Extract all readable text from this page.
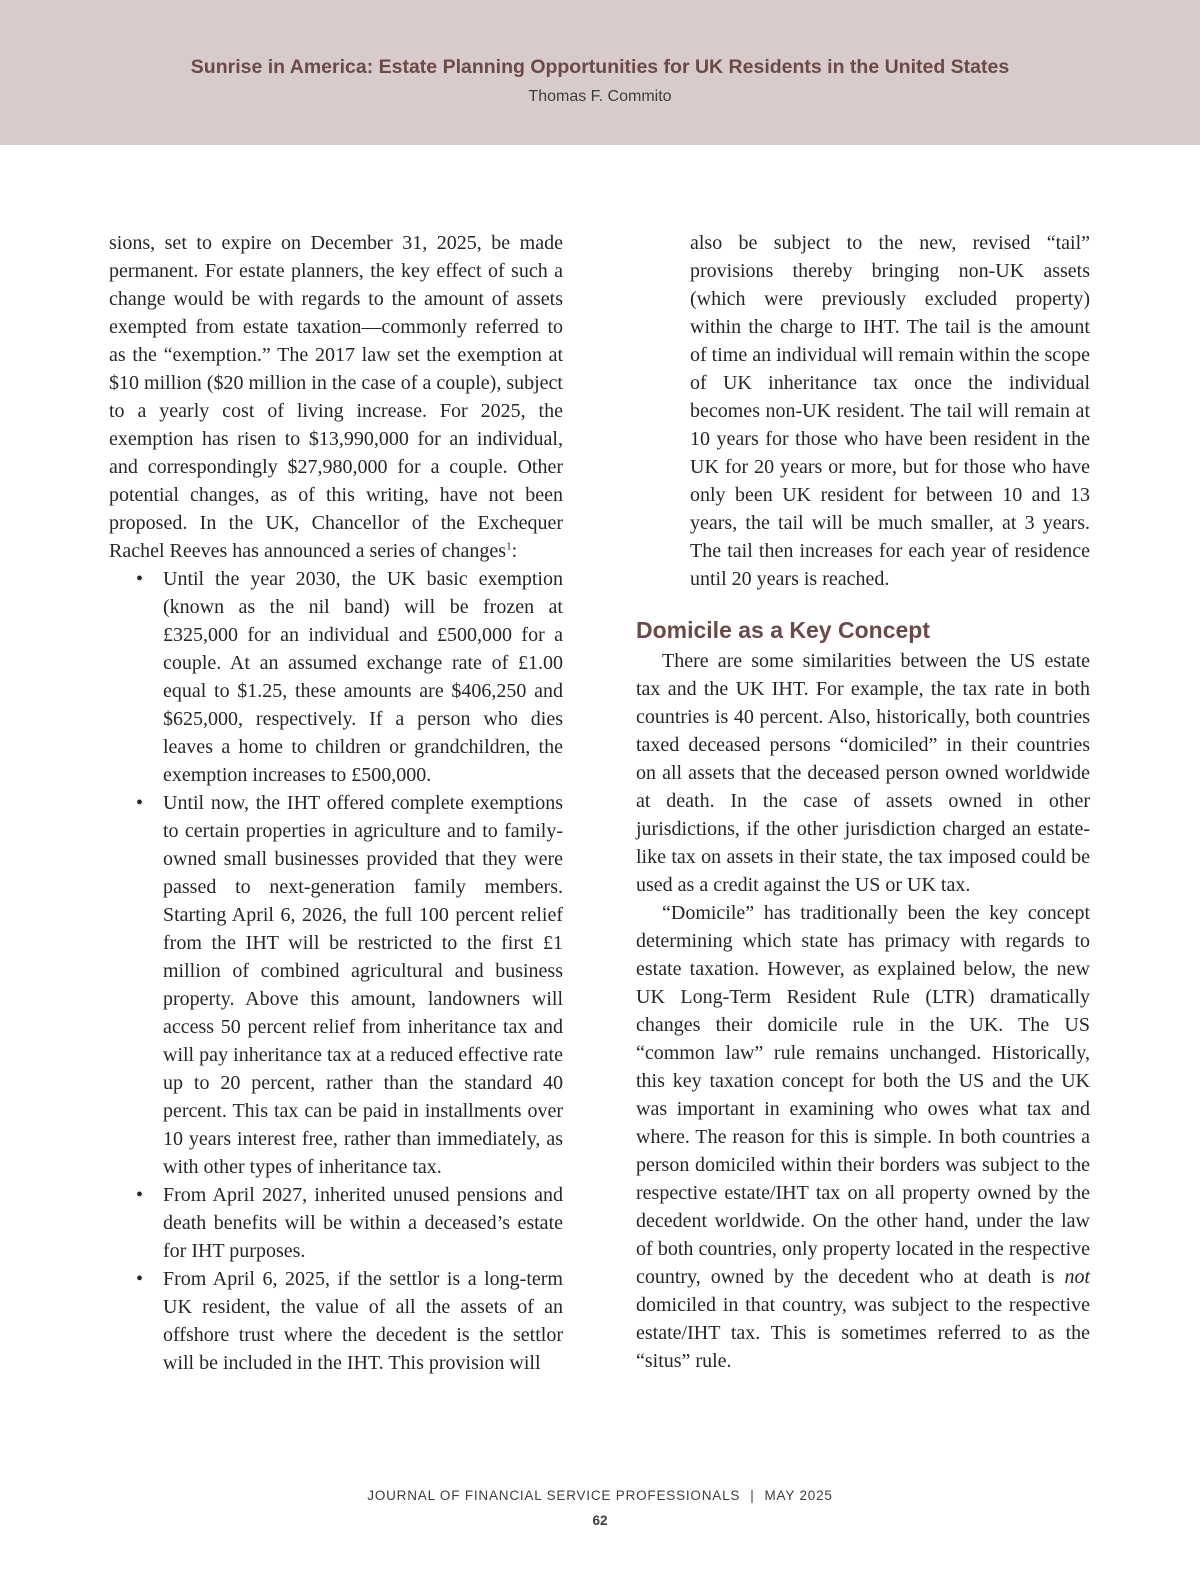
Sunrise in America: Estate Planning Opportunities for UK Residents in the United States
Thomas F. Commito

sions, set to expire on December 31, 2025, be made permanent. For estate planners, the key effect of such a change would be with regards to the amount of assets exempted from estate taxation—commonly referred to as the “exemption.” The 2017 law set the exemption at $10 million ($20 million in the case of a couple), subject to a yearly cost of living increase. For 2025, the exemption has risen to $13,990,000 for an individual, and correspondingly $27,980,000 for a couple. Other potential changes, as of this writing, have not been proposed. In the UK, Chancellor of the Exchequer Rachel Reeves has announced a series of changes$^1$:

• Until the year 2030, the UK basic exemption (known as the nil band) will be frozen at £325,000 for an individual and £500,000 for a couple. At an assumed exchange rate of £1.00 equal to $1.25, these amounts are $406,250 and $625,000, respectively. If a person who dies leaves a home to children or grandchildren, the exemption increases to £500,000.
• Until now, the IHT offered complete exemptions to certain properties in agriculture and to family-owned small businesses provided that they were passed to next-generation family members. Starting April 6, 2026, the full 100 percent relief from the IHT will be restricted to the first £1 million of combined agricultural and business property. Above this amount, landowners will access 50 percent relief from inheritance tax and will pay inheritance tax at a reduced effective rate up to 20 percent, rather than the standard 40 percent. This tax can be paid in installments over 10 years interest free, rather than immediately, as with other types of inheritance tax.
• From April 2027, inherited unused pensions and death benefits will be within a deceased’s estate for IHT purposes.
• From April 6, 2025, if the settlor is a long-term UK resident, the value of all the assets of an offshore trust where the decedent is the settlor will be included in the IHT. This provision will

also be subject to the new, revised “tail” provisions thereby bringing non-UK assets (which were previously excluded property) within the charge to IHT. The tail is the amount of time an individual will remain within the scope of UK inheritance tax once the individual becomes non-UK resident. The tail will remain at 10 years for those who have been resident in the UK for 20 years or more, but for those who have only been UK resident for between 10 and 13 years, the tail will be much smaller, at 3 years. The tail then increases for each year of residence until 20 years is reached.

Domicile as a Key Concept

There are some similarities between the US estate tax and the UK IHT. For example, the tax rate in both countries is 40 percent. Also, historically, both countries taxed deceased persons “domiciled” in their countries on all assets that the deceased person owned worldwide at death. In the case of assets owned in other jurisdictions, if the other jurisdiction charged an estate-like tax on assets in their state, the tax imposed could be used as a credit against the US or UK tax.

“Domicile” has traditionally been the key concept determining which state has primacy with regards to estate taxation. However, as explained below, the new UK Long-Term Resident Rule (LTR) dramatically changes their domicile rule in the UK. The US “common law” rule remains unchanged. Historically, this key taxation concept for both the US and the UK was important in examining who owes what tax and where. The reason for this is simple. In both countries a person domiciled within their borders was subject to the respective estate/IHT tax on all property owned by the decedent worldwide. On the other hand, under the law of both countries, only property located in the respective country, owned by the decedent who at death is not domiciled in that country, was subject to the respective estate/IHT tax. This is sometimes referred to as the “situs” rule.

JOURNAL OF FINANCIAL SERVICE PROFESSIONALS | MAY 2025
62
